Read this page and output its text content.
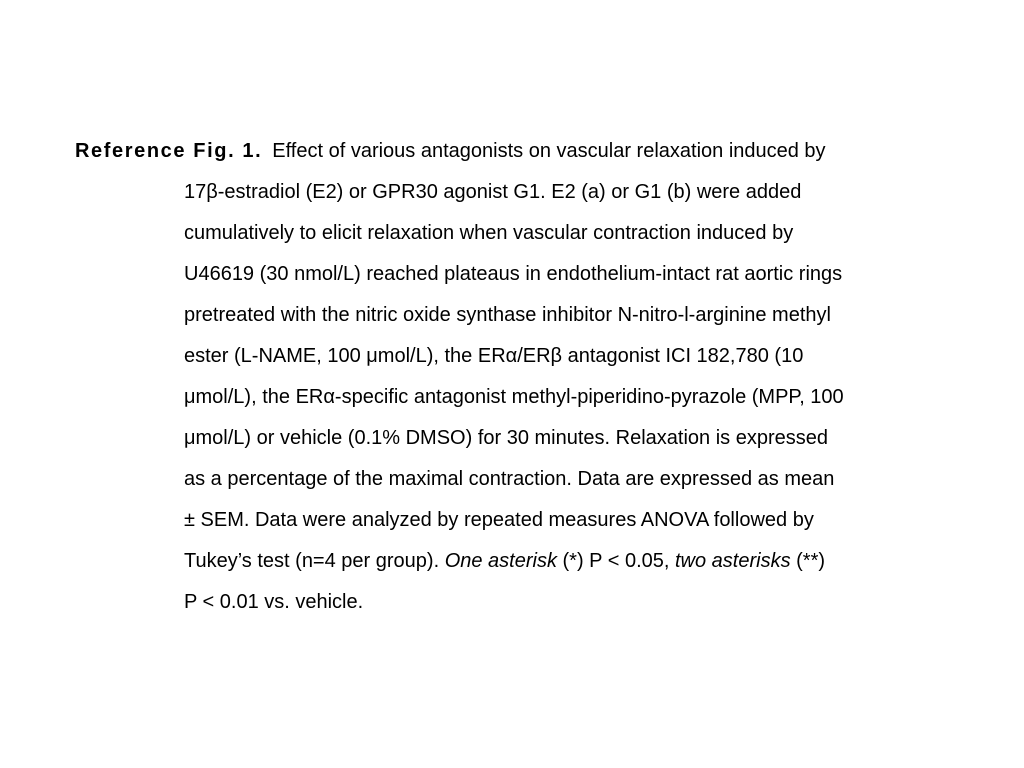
Reference Fig. 1. Effect of various antagonists on vascular relaxation induced by
17β-estradiol (E2) or GPR30 agonist G1. E2 (a) or G1 (b) were added
cumulatively to elicit relaxation when vascular contraction induced by
U46619 (30 nmol/L) reached plateaus in endothelium-intact rat aortic rings
pretreated with the nitric oxide synthase inhibitor N-nitro-l-arginine methyl
ester (L-NAME, 100 μmol/L), the ERα/ERβ antagonist ICI 182,780 (10
μmol/L), the ERα-specific antagonist methyl-piperidino-pyrazole (MPP, 100
μmol/L) or vehicle (0.1% DMSO) for 30 minutes. Relaxation is expressed
as a percentage of the maximal contraction. Data are expressed as mean
± SEM. Data were analyzed by repeated measures ANOVA followed by
Tukey’s test (n=4 per group). One asterisk (*) P < 0.05, two asterisks (**)
P < 0.01 vs. vehicle.
